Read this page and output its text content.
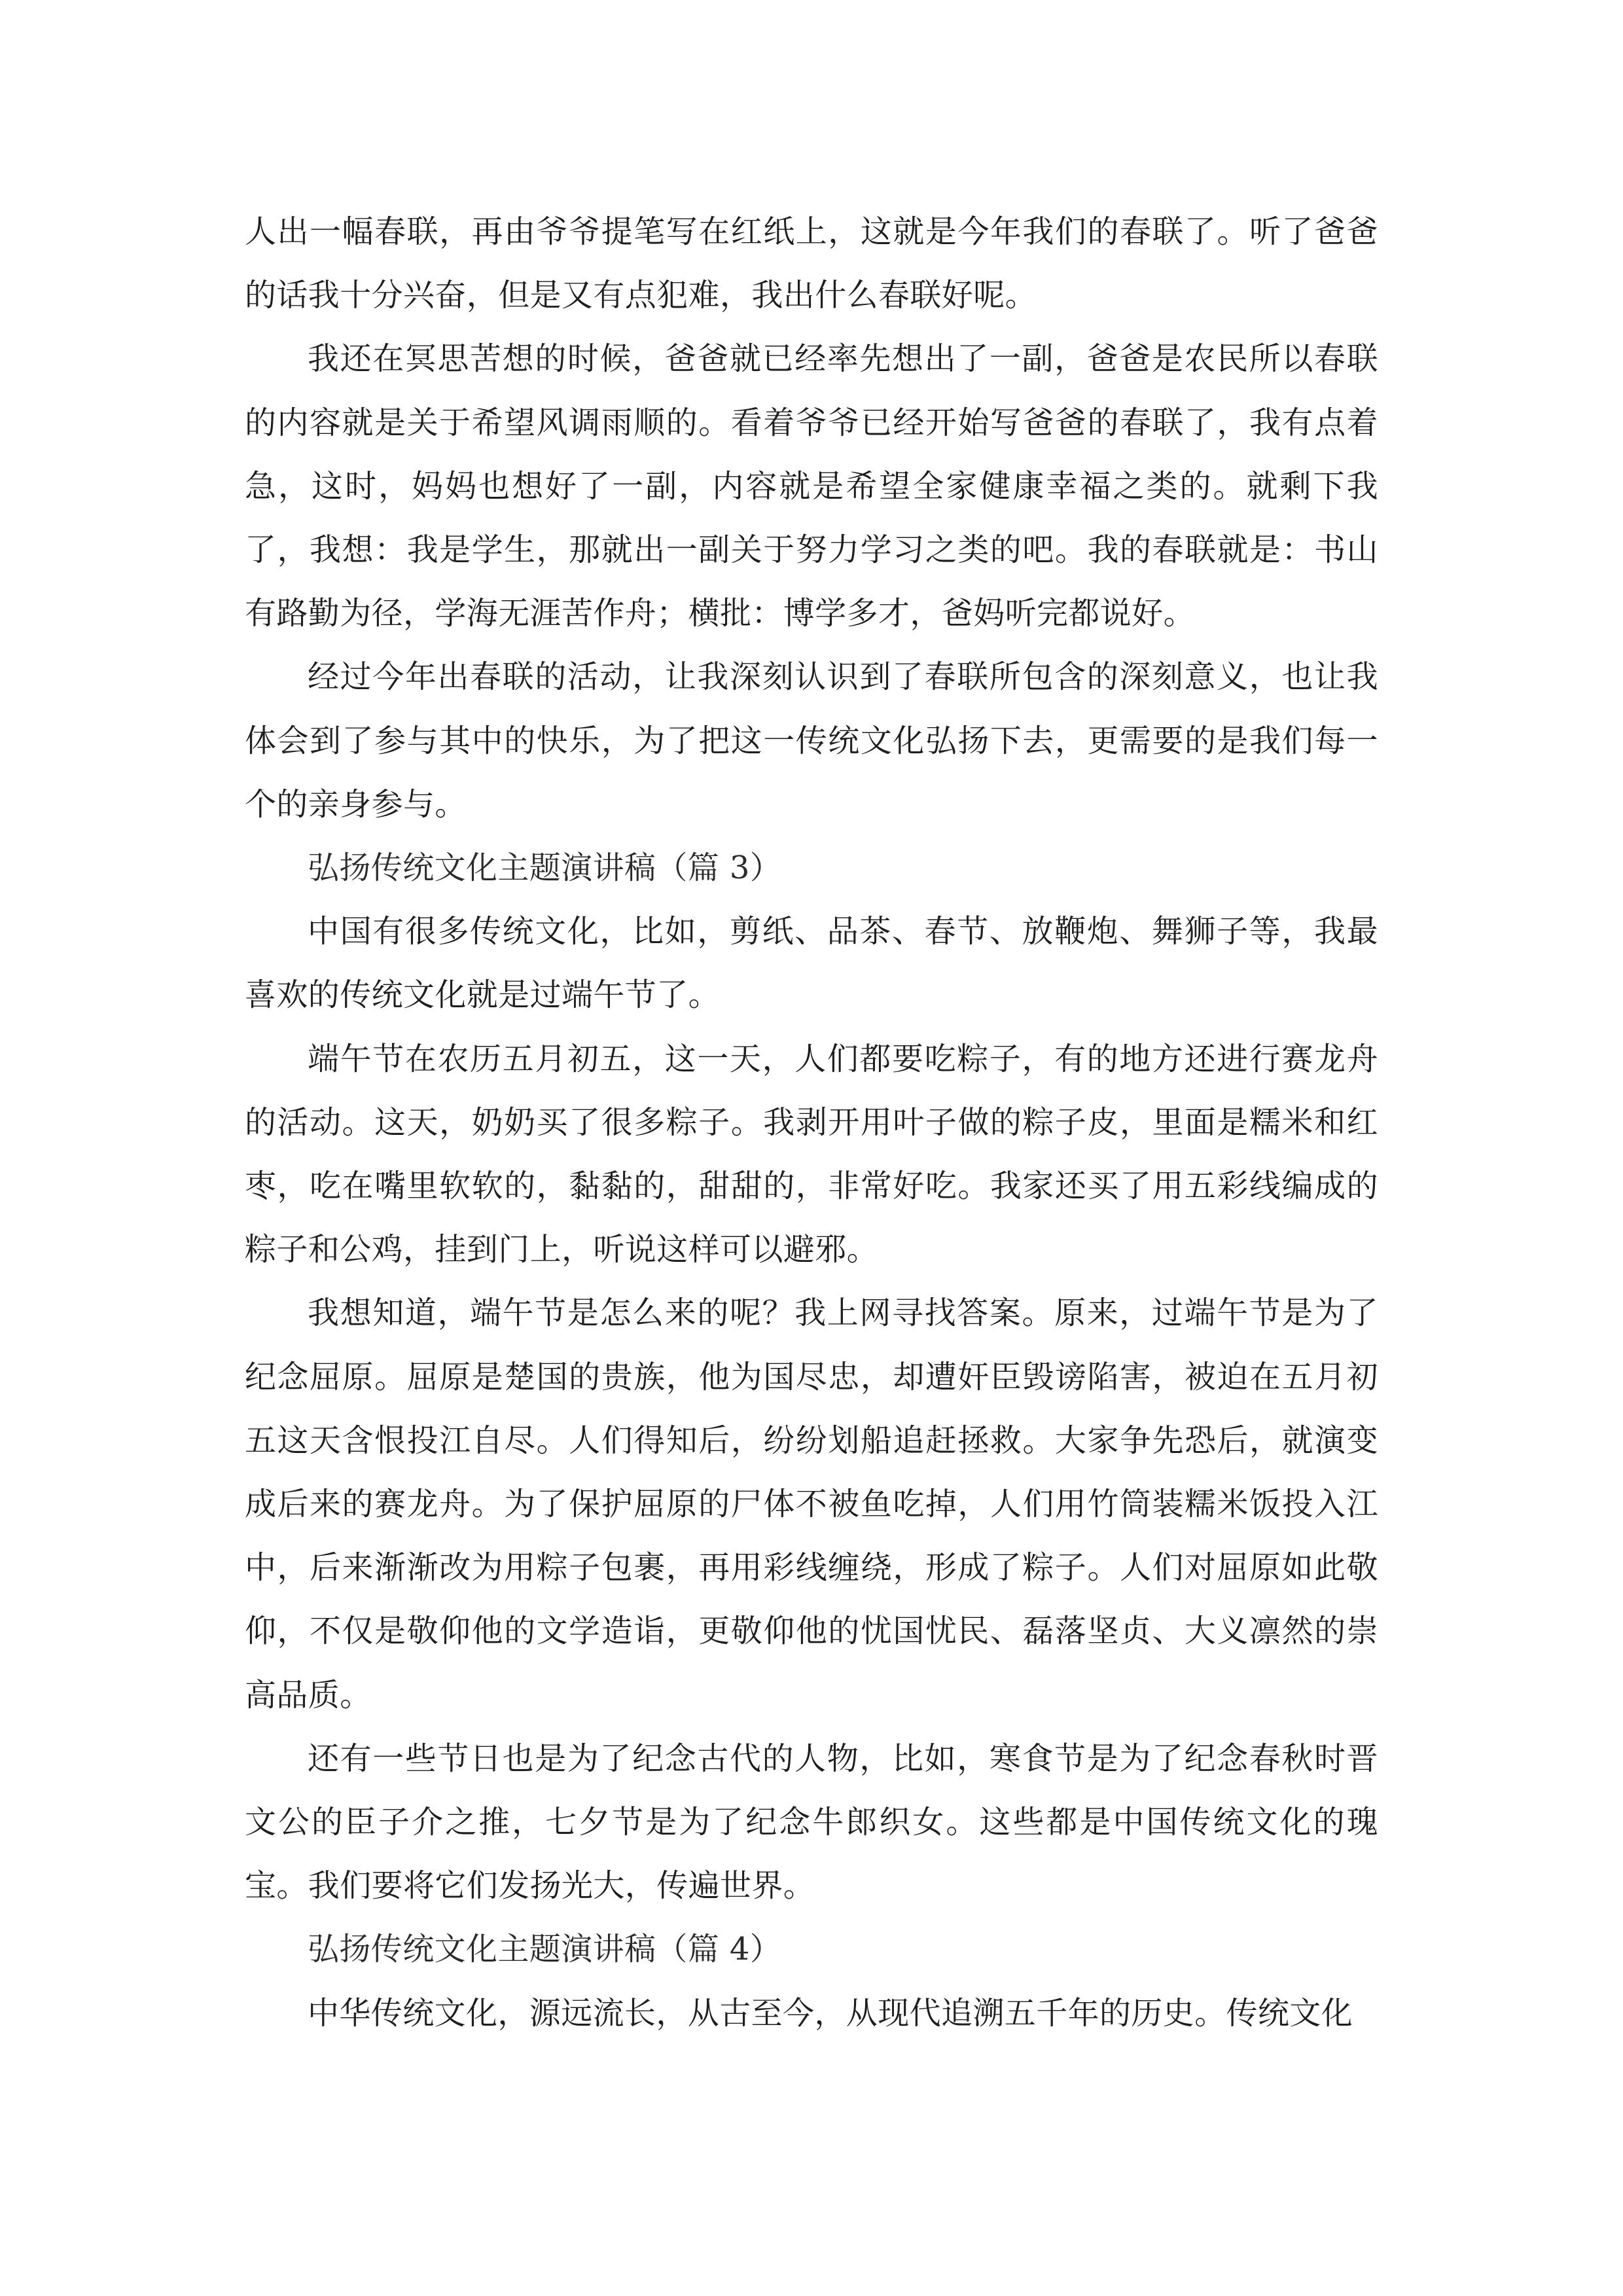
人出一幅春联，再由爷爷提笔写在红纸上，这就是今年我们的春联了。听了爸爸的话我十分兴奋，但是又有点犯难，我出什么春联好呢。

我还在冥思苦想的时候，爸爸就已经率先想出了一副，爸爸是农民所以春联的内容就是关于希望风调雨顺的。看着爷爷已经开始写爸爸的春联了，我有点着急，这时，妈妈也想好了一副，内容就是希望全家健康幸福之类的。就剩下我了，我想：我是学生，那就出一副关于努力学习之类的吧。我的春联就是：书山有路勤为径，学海无涯苦作舟；横批：博学多才，爸妈听完都说好。

经过今年出春联的活动，让我深刻认识到了春联所包含的深刻意义，也让我体会到了参与其中的快乐，为了把这一传统文化弘扬下去，更需要的是我们每一个的亲身参与。

弘扬传统文化主题演讲稿（篇 3）

中国有很多传统文化，比如，剪纸、品茶、春节、放鞭炮、舞狮子等，我最喜欢的传统文化就是过端午节了。

端午节在农历五月初五，这一天，人们都要吃粽子，有的地方还进行赛龙舟的活动。这天，奶奶买了很多粽子。我剥开用叶子做的粽子皮，里面是糯米和红枣，吃在嘴里软软的，黏黏的，甜甜的，非常好吃。我家还买了用五彩线编成的粽子和公鸡，挂到门上，听说这样可以避邪。

我想知道，端午节是怎么来的呢？我上网寻找答案。原来，过端午节是为了纪念屈原。屈原是楚国的贵族，他为国尽忠，却遭奸臣毁谤陷害，被迫在五月初五这天含恨投江自尽。人们得知后，纷纷划船追赶拯救。大家争先恐后，就演变成后来的赛龙舟。为了保护屈原的尸体不被鱼吃掉，人们用竹筒装糯米饭投入江中，后来渐渐改为用粽子包裹，再用彩线缠绕，形成了粽子。人们对屈原如此敬仰，不仅是敬仰他的文学造诣，更敬仰他的忧国忧民、磊落坚贞、大义凛然的崇高品质。

还有一些节日也是为了纪念古代的人物，比如，寒食节是为了纪念春秋时晋文公的臣子介之推，七夕节是为了纪念牛郎织女。这些都是中国传统文化的瑰宝。我们要将它们发扬光大，传遍世界。

弘扬传统文化主题演讲稿（篇 4）

中华传统文化，源远流长，从古至今，从现代追溯五千年的历史。传统文化
